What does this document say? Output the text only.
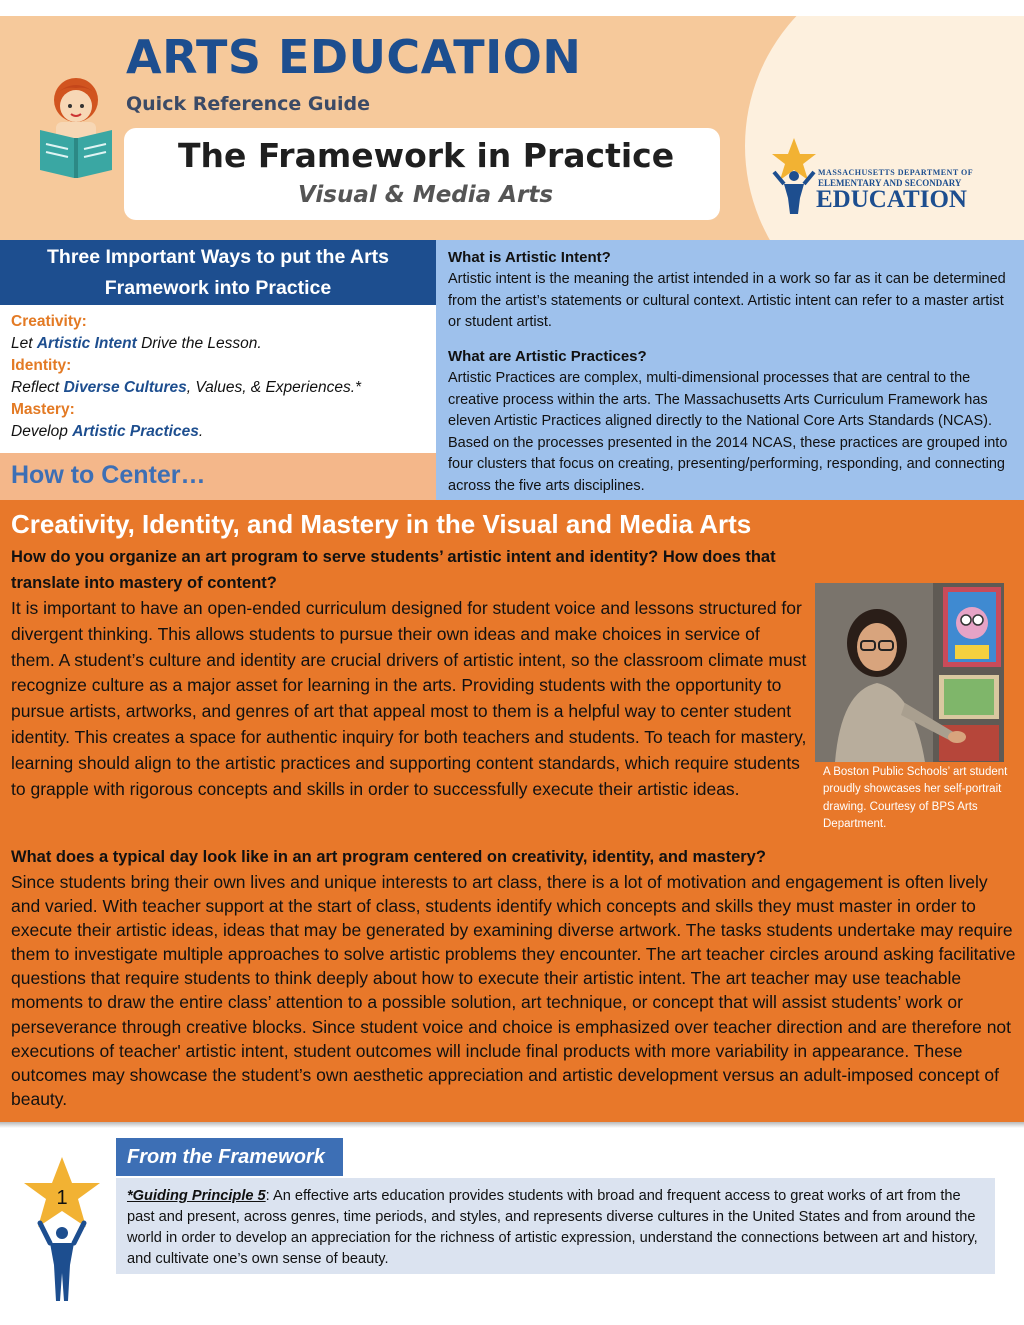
ARTS EDUCATION
Quick Reference Guide
The Framework in Practice
Visual & Media Arts
MASSACHUSETTS DEPARTMENT OF
ELEMENTARY AND SECONDARY
EDUCATION
Three Important Ways to put the Arts
Framework into Practice
Creativity:
Let Artistic Intent Drive the Lesson.
Identity:
Reflect Diverse Cultures, Values, & Experiences.*
Mastery:
Develop Artistic Practices.
How to Center…
What is Artistic Intent?
Artistic intent is the meaning the artist intended in a work so far as it can be determined from the artist’s statements or cultural context. Artistic intent can refer to a master artist or student artist.
What are Artistic Practices?
Artistic Practices are complex, multi-dimensional processes that are central to the creative process within the arts. The Massachusetts Arts Curriculum Framework has eleven Artistic Practices aligned directly to the National Core Arts Standards (NCAS). Based on the processes presented in the 2014 NCAS, these practices are grouped into four clusters that focus on creating, presenting/performing, responding, and connecting across the five arts disciplines.
Creativity, Identity, and Mastery in the Visual and Media Arts
How do you organize an art program to serve students’ artistic intent and identity? How does that translate into mastery of content?
It is important to have an open-ended curriculum designed for student voice and lessons structured for divergent thinking. This allows students to pursue their own ideas and make choices in service of them. A student’s culture and identity are crucial drivers of artistic intent, so the classroom climate must recognize culture as a major asset for learning in the arts. Providing students with the opportunity to pursue artists, artworks, and genres of art that appeal most to them is a helpful way to center student identity. This creates a space for authentic inquiry for both teachers and students. To teach for mastery, learning should align to the artistic practices and supporting content standards, which require students to grapple with rigorous concepts and skills in order to successfully execute their artistic ideas.
A Boston Public Schools’ art student proudly showcases her self-portrait drawing. Courtesy of BPS Arts Department.
What does a typical day look like in an art program centered on creativity, identity, and mastery?
Since students bring their own lives and unique interests to art class, there is a lot of motivation and engagement is often lively and varied. With teacher support at the start of class, students identify which concepts and skills they must master in order to execute their artistic ideas, ideas that may be generated by examining diverse artwork. The tasks students undertake may require them to investigate multiple approaches to solve artistic problems they encounter. The art teacher circles around asking facilitative questions that require students to think deeply about how to execute their artistic intent. The art teacher may use teachable moments to draw the entire class’ attention to a possible solution, art technique, or concept that will assist students’ work or perseverance through creative blocks. Since student voice and choice is emphasized over teacher direction and are therefore not executions of teacher' artistic intent, student outcomes will include final products with more variability in appearance. These outcomes may showcase the student’s own aesthetic appreciation and artistic development versus an adult-imposed concept of beauty.
1
From the Framework
*Guiding Principle 5: An effective arts education provides students with broad and frequent access to great works of art from the past and present, across genres, time periods, and styles, and represents diverse cultures in the United States and from around the world in order to develop an appreciation for the richness of artistic expression, understand the connections between art and history, and cultivate one’s own sense of beauty.
